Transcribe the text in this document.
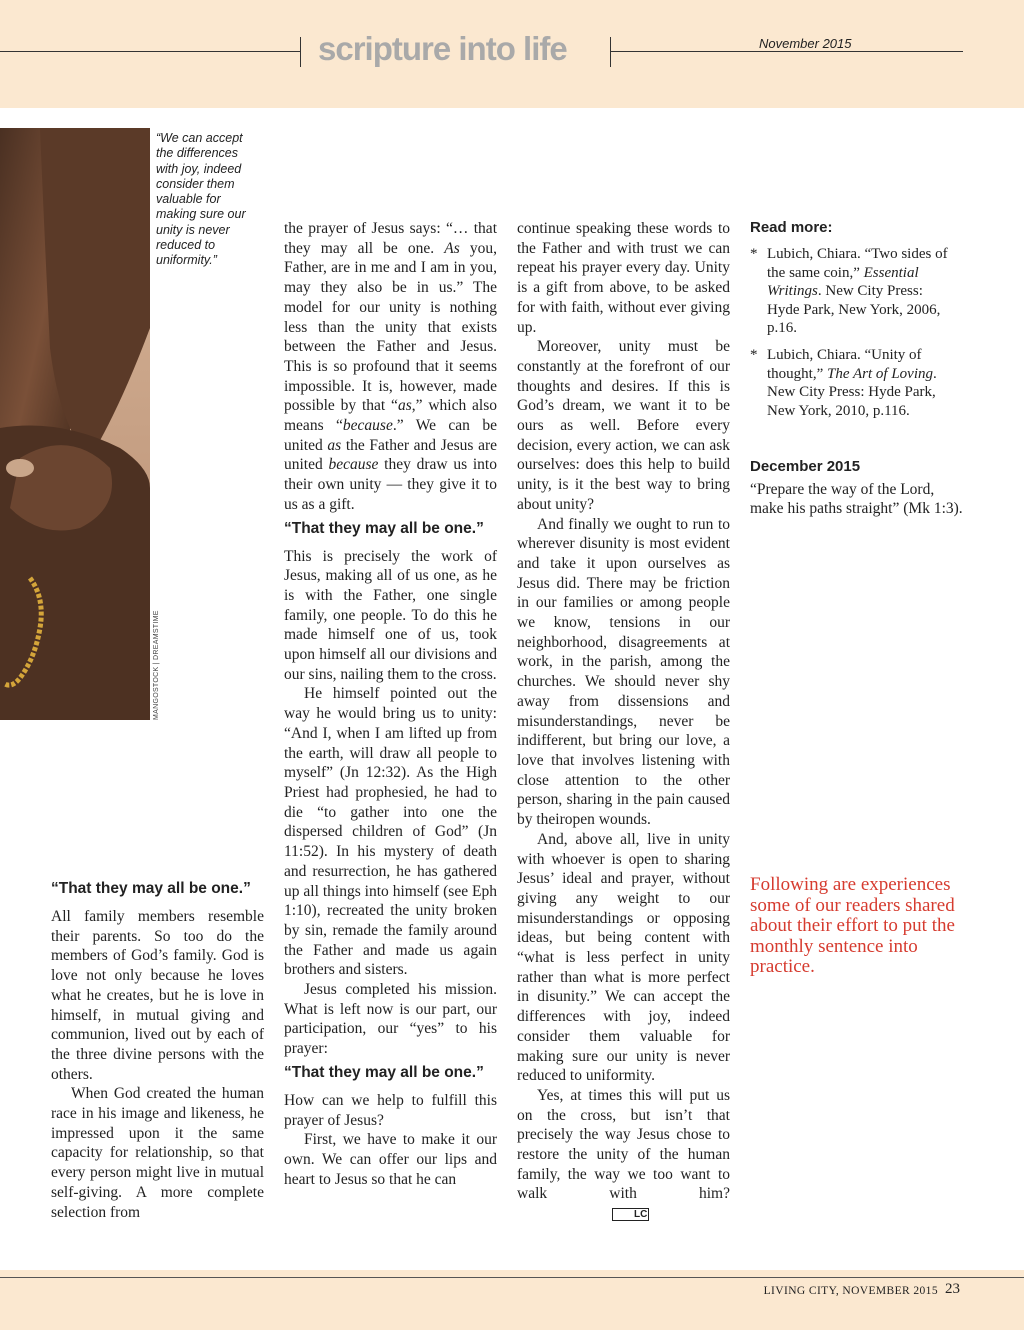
scripture into life	November 2015
MANGOSTOCK | DREAMSTIME
“We can accept the differences with joy, indeed consider them valuable for making sure our unity is never reduced to uniformity.”
“That they may all be one.”

All family members resemble their parents. So too do the members of God’s family. God is love not only because he loves what he creates, but he is love in himself, in mutual giving and communion, lived out by each of the three divine persons with the others.

When God created the human race in his image and likeness, he impressed upon it the same capacity for relationship, so that every person might live in mutual self-giving. A more complete selection from

the prayer of Jesus says: “… that they may all be one. As you, Father, are in me and I am in you, may they also be in us.” The model for our unity is nothing less than the unity that exists between the Father and Jesus. This is so profound that it seems impossible. It is, however, made possible by that “as,” which also means “because.” We can be united as the Father and Jesus are united because they draw us into their own unity — they give it to us as a gift.

“That they may all be one.”

This is precisely the work of Jesus, making all of us one, as he is with the Father, one single family, one people. To do this he made himself one of us, took upon himself all our divisions and our sins, nailing them to the cross.

He himself pointed out the way he would bring us to unity: “And I, when I am lifted up from the earth, will draw all people to myself” (Jn 12:32). As the High Priest had prophesied, he had to die “to gather into one the dispersed children of God” (Jn 11:52). In his mystery of death and resurrection, he has gathered up all things into himself (see Eph 1:10), recreated the unity broken by sin, remade the family around the Father and made us again brothers and sisters.

Jesus completed his mission. What is left now is our part, our participation, our “yes” to his prayer:

“That they may all be one.”

How can we help to fulfill this prayer of Jesus?

First, we have to make it our own. We can offer our lips and heart to Jesus so that he can

continue speaking these words to the Father and with trust we can repeat his prayer every day. Unity is a gift from above, to be asked for with faith, without ever giving up.

Moreover, unity must be constantly at the forefront of our thoughts and desires. If this is God’s dream, we want it to be ours as well. Before every decision, every action, we can ask ourselves: does this help to build unity, is it the best way to bring about unity?

And finally we ought to run to wherever disunity is most evident and take it upon ourselves as Jesus did. There may be friction in our families or among people we know, tensions in our neighborhood, disagreements at work, in the parish, among the churches. We should never shy away from dissensions and misunderstandings, never be indifferent, but bring our love, a love that involves listening with close attention to the other person, sharing in the pain caused by theiropen wounds.

And, above all, live in unity with whoever is open to sharing Jesus’ ideal and prayer, without giving any weight to our misunderstandings or opposing ideas, but being content with “what is less perfect in unity rather than what is more perfect in disunity.” We can accept the differences with joy, indeed consider them valuable for making sure our unity is never reduced to uniformity.

Yes, at times this will put us on the cross, but isn’t that precisely the way Jesus chose to restore the unity of the human family, the way we too want to walk with him?LC

Read more:
* Lubich, Chiara. “Two sides of the same coin,” Essential Writings. New City Press: Hyde Park, New York, 2006, p.16.
* Lubich, Chiara. “Unity of thought,” The Art of Loving. New City Press: Hyde Park, New York, 2010, p.116.
December 2015
“Prepare the way of the Lord, make his paths straight” (Mk 1:3).
Following are experiences some of our readers shared about their effort to put the monthly sentence into practice.
LIVING CITY, NOVEMBER 2015 23
